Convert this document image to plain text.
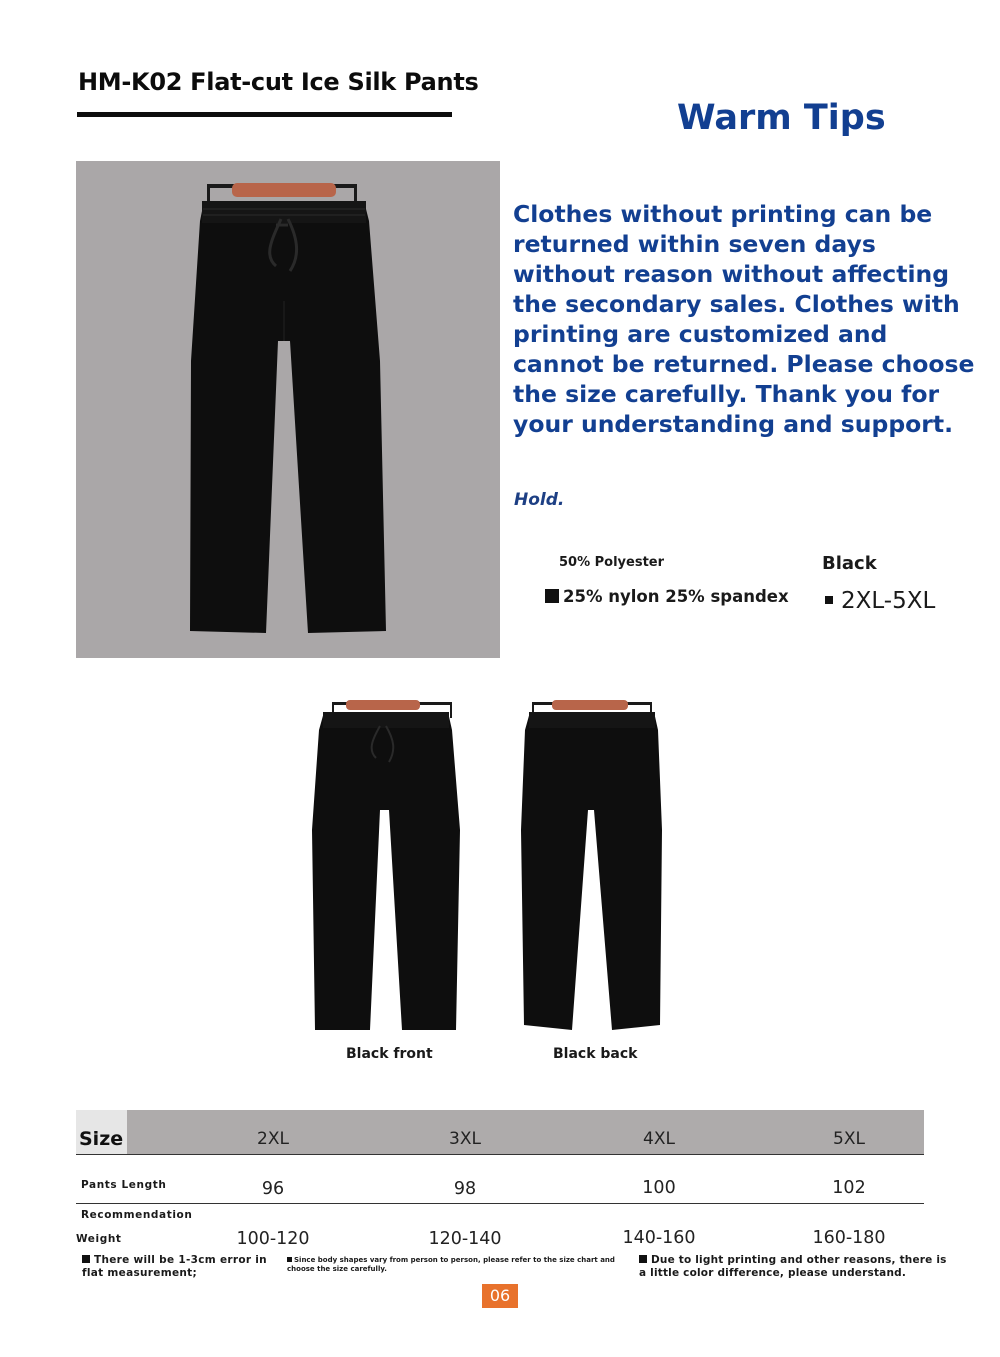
HM-K02 Flat-cut Ice Silk Pants
Warm Tips
Clothes without printing can be returned within seven days without reason without affecting the secondary sales. Clothes with printing are customized and cannot be returned. Please choose the size carefully. Thank you for your understanding and support.
Hold.
50% Polyester
25% nylon 25% spandex
Black
2XL-5XL
Black front	Black back
Size	2XL	3XL	4XL	5XL
Pants Length	96	98	100	102
Recommendation
Weight	100-120	120-140	140-160	160-180
There will be 1-3cm error in flat measurement;
Since body shapes vary from person to person, please refer to the size chart and choose the size carefully.
Due to light printing and other reasons, there is a little color difference, please understand.
06
